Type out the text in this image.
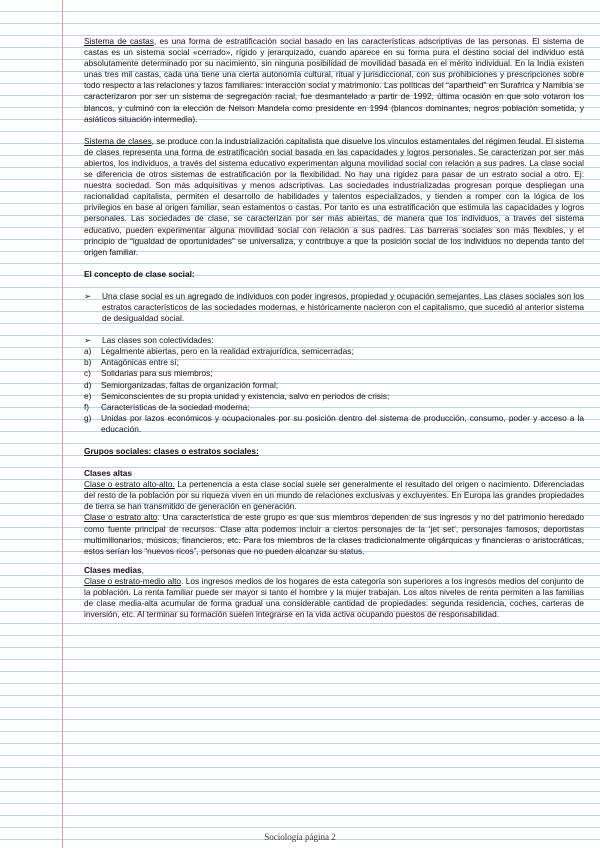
Sistema de castas, es una forma de estratificación social basado en las características adscriptivas de las personas. El sistema de castas es un sistema social «cerrado», rígido y jerarquizado, cuando aparece en su forma pura el destino social del individuo está absolutamente determinado por su nacimiento, sin ninguna posibilidad de movilidad basada en el mérito individual. En la India existen unas tres mil castas, cada una tiene una cierta autonomía cultural, ritual y jurisdiccional, con sus prohibiciones y prescripciones sobre todo respecto a las relaciones y lazos familiares: interacción social y matrimonio. Las políticas del “apartheid” en Surafrica y Namibia se caracterizaron por ser un sistema de segregación racial, fue desmantelado a partir de 1992, última ocasión en que solo votaron los blancos, y culminó con la elección de Nelson Mandela como presidente en 1994 (blancos dominantes, negros población sometida, y asiáticos situación intermedia).

Sistema de clases, se produce con la industrialización capitalista que disuelve los vínculos estamentales del régimen feudal. El sistema de clases representa una forma de estratificación social basada en las capacidades y logros personales. Se caracterizan por ser más abiertos, los individuos, a través del sistema educativo experimentan alguna movilidad social con relación a sus padres. La clase social se diferencia de otros sistemas de estratificación por la flexibilidad. No hay una rigidez para pasar de un estrato social a otro. Ej: nuestra sociedad. Son más adquisitivas y menos adscriptivas. Las sociedades industrializadas progresan porque despliegan una racionalidad capitalista, permiten el desarrollo de habilidades y talentos especializados, y tienden a romper con la lógica de los privilegios en base al origen familiar, sean estamentos o castas. Por tanto es una estratificación que estimula las capacidades y logros personales. Las sociedades de clase, se caracterizan por ser más abiertas, de manera que los individuos, a través del sistema educativo, pueden experimentar alguna movilidad social con relación a sus padres. Las barreras sociales son más flexibles, y el principio de “igualdad de oportunidades” se universaliza, y contribuye a que la posición social de los individuos no dependa tanto del origen familiar.

El concepto de clase social:

➢	Una clase social es un agregado de individuos con poder ingresos, propiedad y ocupación semejantes. Las clases sociales son los estratos característicos de las sociedades modernas, e históricamente nacieron con el capitalismo, que sucedió al anterior sistema de desigualdad social.
➢	Las clases son colectividades:
a)	Legalmente abiertas, pero en la realidad extrajurídica, semicerradas;
b)	Antagónicas entre sí;
c)	Solidarias para sus miembros;
d)	Semiorganizadas, faltas de organización formal;
e)	Semiconscientes de su propia unidad y existencia, salvo en periodos de crisis;
f)	Características de la sociedad moderna;
g)	Unidas por lazos económicos y ocupacionales por su posición dentro del sistema de producción, consumo, poder y acceso a la educación.

Grupos sociales: clases o estratos sociales:

Clases altas

Clase o estrato alto-alto. La pertenencia a esta clase social suele ser generalmente el resultado del origen o nacimiento. Diferenciadas del resto de la población por su riqueza viven en un mundo de relaciones exclusivas y excluyentes. En Europa las grandes propiedades de tierra se han transmitido de generación en generación.

Clase o estrato alto. Una característica de este grupo es que sus miembros dependen de sus ingresos y no del patrimonio heredado como fuente principal de recursos. Clase alta podemos incluir a ciertos personajes de la ‘jet set’, personajes famosos, deportistas multimillonarios, músicos, financieros, etc. Para los miembros de la clases tradicionalmente oligárquicas y financieras o aristocráticas, estos serían los “nuevos ricos”, personas que no pueden alcanzar su status.

Clases medias,

Clase o estrato-medio alto. Los ingresos medios de los hogares de esta categoría son superiores a los ingresos medios del conjunto de la población. La renta familiar puede ser mayor si tanto el hombre y la mujer trabajan. Los altos niveles de renta permiten a las familias de clase media-alta acumular de forma gradual una considerable cantidad de propiedades: segunda residencia, coches, carteras de inversión, etc. Al terminar su formación suelen integrarse en la vida activa ocupando puestos de responsabilidad.

Sociología página 2
